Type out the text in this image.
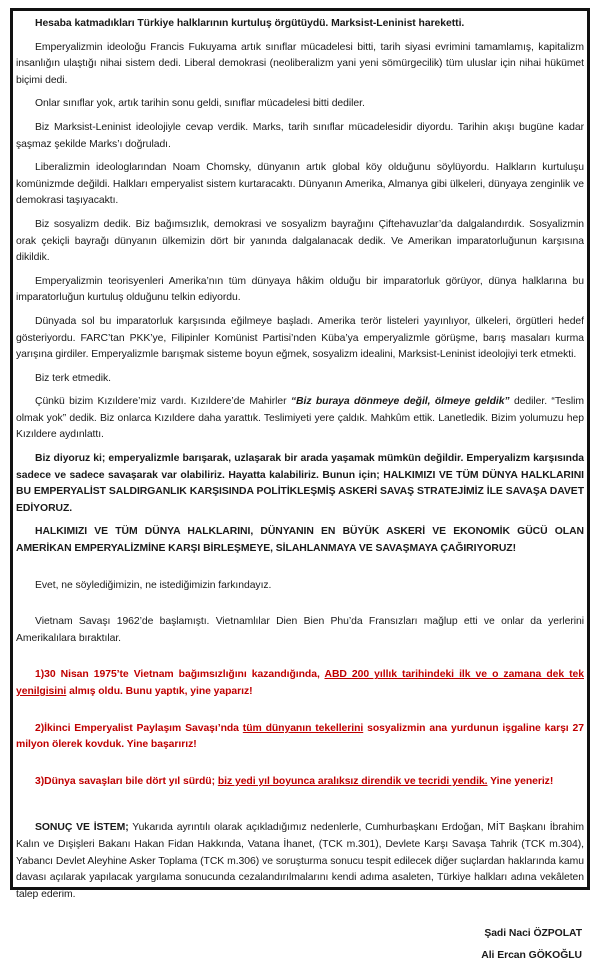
Hesaba katmadıkları Türkiye halklarının kurtuluş örgütüydü. Marksist-Leninist hareketti.

Emperyalizmin ideoloğu Francis Fukuyama artık sınıflar mücadelesi bitti, tarih siyasi evrimini tamamlamış, kapitalizm insanlığın ulaştığı nihai sistem dedi. Liberal demokrasi (neoliberalizm yani yeni sömürgecilik) tüm uluslar için nihai hükümet biçimi dedi.

Onlar sınıflar yok, artık tarihin sonu geldi, sınıflar mücadelesi bitti dediler.

Biz Marksist-Leninist ideolojiyle cevap verdik. Marks, tarih sınıflar mücadelesidir diyordu. Tarihin akışı bugüne kadar şaşmaz şekilde Marks’ı doğruladı.

Liberalizmin ideologlarından Noam Chomsky, dünyanın artık global köy olduğunu söylüyordu. Halkların kurtuluşu komünizmde değildi. Halkları emperyalist sistem kurtaracaktı. Dünyanın Amerika, Almanya gibi ülkeleri, dünyaya zenginlik ve demokrasi taşıyacaktı.

Biz sosyalizm dedik. Biz bağımsızlık, demokrasi ve sosyalizm bayrağını Çiftehavuzlar’da dalgalandırdık. Sosyalizmin orak çekiçli bayrağı dünyanın ülkemizin dört bir yanında dalgalanacak dedik. Ve Amerikan imparatorluğunun karşısına dikildik.

Emperyalizmin teorisyenleri Amerika’nın tüm dünyaya hâkim olduğu bir imparatorluk görüyor, dünya halklarına bu imparatorluğun kurtuluş olduğunu telkin ediyordu.

Dünyada sol bu imparatorluk karşısında eğilmeye başladı. Amerika terör listeleri yayınlıyor, ülkeleri, örgütleri hedef gösteriyordu. FARC’tan PKK’ye, Filipinler Komünist Partisi’nden Küba’ya emperyalizmle görüşme, barış masaları kurma yarışına girdiler. Emperyalizmle barışmak sisteme boyun eğmek, sosyalizm idealini, Marksist-Leninist ideolojiyi terk etmekti.

Biz terk etmedik.

Çünkü bizim Kızıldere’miz vardı. Kızıldere’de Mahirler “Biz buraya dönmeye değil, ölmeye geldik” dediler. “Teslim olmak yok” dedik. Biz onlarca Kızıldere daha yarattık. Teslimiyeti yere çaldık. Mahkûm ettik. Lanetledik. Bizim yolumuzu hep Kızıldere aydınlattı.

Biz diyoruz ki; emperyalizmle barışarak, uzlaşarak bir arada yaşamak mümkün değildir. Emperyalizm karşısında sadece ve sadece savaşarak var olabiliriz. Hayatta kalabiliriz. Bunun için; HALKIMIZI VE TÜM DÜNYA HALKLARINI BU EMPERYALİST SALDIRGANLIK KARŞISINDA POLİTİKLEŞMİŞ ASKERİ SAVAŞ STRATEJİMİZ İLE SAVAŞA DAVET EDİYORUZ.

HALKIMIZI VE TÜM DÜNYA HALKLARINI, DÜNYANIN EN BÜYÜK ASKERİ VE EKONOMİK GÜCÜ OLAN AMERİKAN EMPERYALİZMİNE KARŞI BİRLEŞMEYE, SİLAHLANMAYA VE SAVAŞMAYA ÇAĞIRIYORUZ!

Evet, ne söylediğimizin, ne istediğimizin farkındayız.

Vietnam Savaşı 1962’de başlamıştı. Vietnamlılar Dien Bien Phu’da Fransızları mağlup etti ve onlar da yerlerini Amerikalılara bıraktılar.

1)30 Nisan 1975’te Vietnam bağımsızlığını kazandığında, ABD 200 yıllık tarihindeki ilk ve o zamana dek tek yenilgisini almış oldu. Bunu yaptık, yine yaparız!

2)İkinci Emperyalist Paylaşım Savaşı’nda tüm dünyanın tekellerini sosyalizmin ana yurdunun işgaline karşı 27 milyon ölerek kovduk. Yine başarırız!

3)Dünya savaşları bile dört yıl sürdü; biz yedi yıl boyunca aralıksız direndik ve tecridi yendik. Yine yeneriz!

SONUÇ VE İSTEM; Yukarıda ayrıntılı olarak açıkladığımız nedenlerle, Cumhurbaşkanı Erdoğan, MİT Başkanı İbrahim Kalın ve Dışişleri Bakanı Hakan Fidan Hakkında, Vatana İhanet, (TCK m.301), Devlete Karşı Savaşa Tahrik (TCK m.304), Yabancı Devlet Aleyhine Asker Toplama (TCK m.306) ve soruşturma sonucu tespit edilecek diğer suçlardan haklarında kamu davası açılarak yapılacak yargılama sonucunda cezalandırılmalarını kendi adıma asaleten, Türkiye halkları adına vekâleten talep ederim.

Şadi Naci ÖZPOLAT

Ali Ercan GÖKOĞLU
